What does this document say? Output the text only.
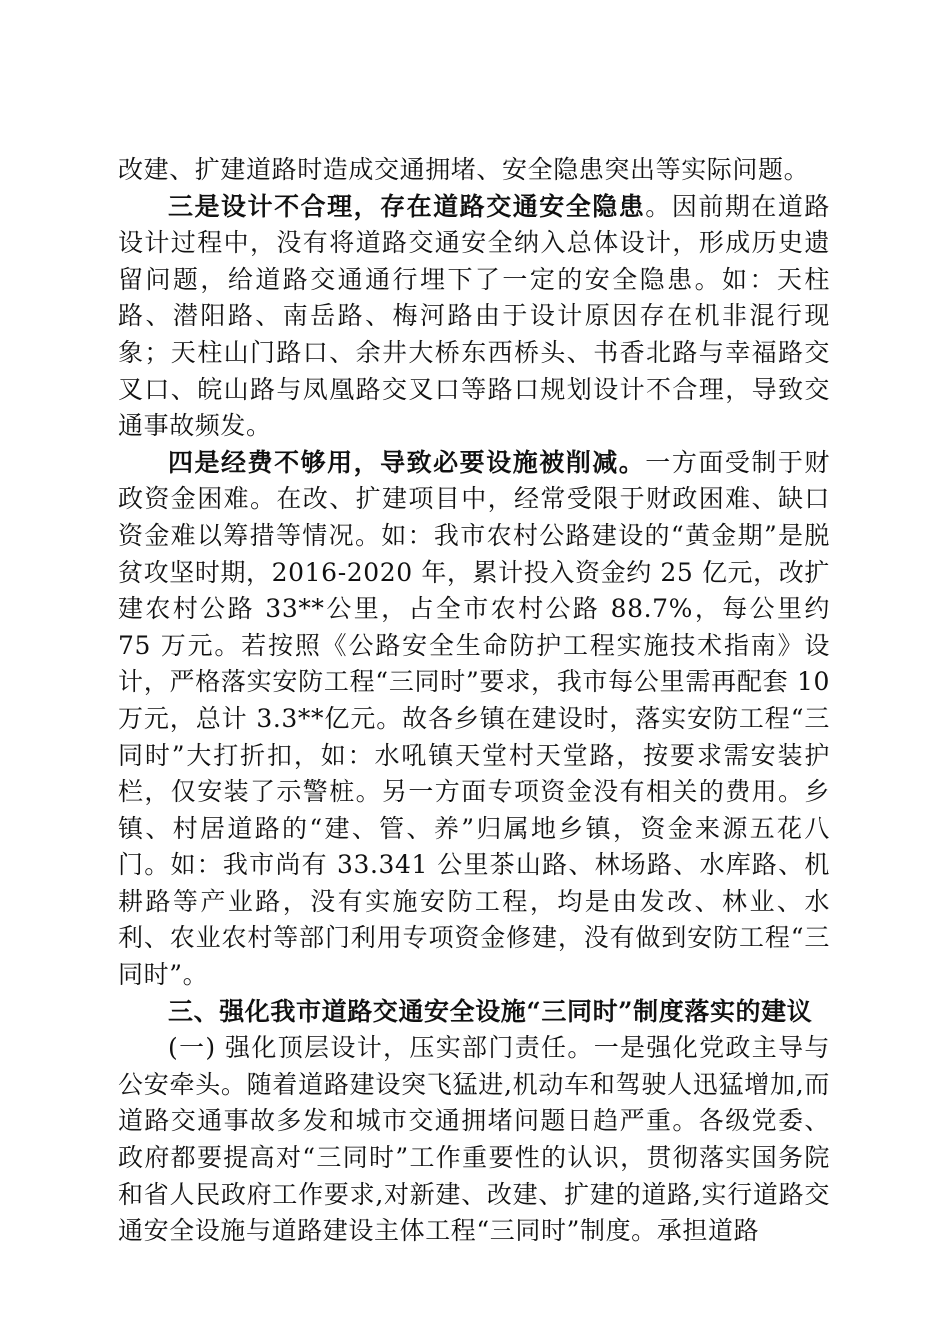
改建、扩建道路时造成交通拥堵、安全隐患突出等实际问题。

三是设计不合理，存在道路交通安全隐患。因前期在道路设计过程中，没有将道路交通安全纳入总体设计，形成历史遗留问题，给道路交通通行埋下了一定的安全隐患。如：天柱路、潜阳路、南岳路、梅河路由于设计原因存在机非混行现象；天柱山门路口、余井大桥东西桥头、书香北路与幸福路交叉口、皖山路与凤凰路交叉口等路口规划设计不合理，导致交通事故频发。

四是经费不够用，导致必要设施被削减。一方面受制于财政资金困难。在改、扩建项目中，经常受限于财政困难、缺口资金难以筹措等情况。如：我市农村公路建设的“黄金期”是脱贫攻坚时期，2016-2020 年，累计投入资金约 25 亿元，改扩建农村公路 33**公里，占全市农村公路 88.7%，每公里约 75 万元。若按照《公路安全生命防护工程实施技术指南》设计，严格落实安防工程“三同时”要求，我市每公里需再配套 10 万元，总计 3.3**亿元。故各乡镇在建设时，落实安防工程“三同时”大打折扣，如：水吼镇天堂村天堂路，按要求需安装护栏，仅安装了示警桩。另一方面专项资金没有相关的费用。乡镇、村居道路的“建、管、养”归属地乡镇，资金来源五花八门。如：我市尚有 33.341 公里茶山路、林场路、水库路、机耕路等产业路，没有实施安防工程，均是由发改、林业、水利、农业农村等部门利用专项资金修建，没有做到安防工程“三同时”。

三、强化我市道路交通安全设施“三同时”制度落实的建议

(一) 强化顶层设计，压实部门责任。一是强化党政主导与公安牵头。随着道路建设突飞猛进,机动车和驾驶人迅猛增加,而道路交通事故多发和城市交通拥堵问题日趋严重。各级党委、政府都要提高对“三同时”工作重要性的认识，贯彻落实国务院和省人民政府工作要求,对新建、改建、扩建的道路,实行道路交通安全设施与道路建设主体工程“三同时”制度。承担道路
